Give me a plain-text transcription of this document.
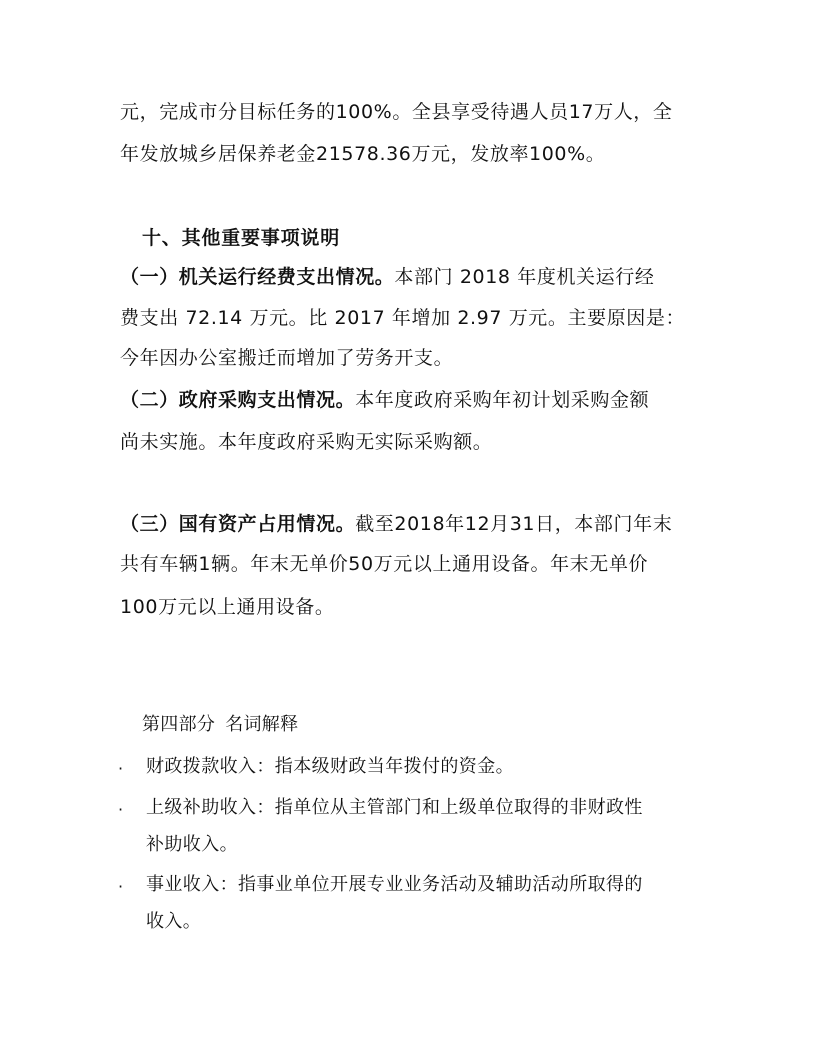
元，完成市分目标任务的100%。全县享受待遇人员17万人，全
年发放城乡居保养老金21578.36万元，发放率100%。
十、其他重要事项说明
（一）机关运行经费支出情况。本部门 2018 年度机关运行经
费支出 72.14 万元。比 2017 年增加 2.97 万元。主要原因是：
今年因办公室搬迁而增加了劳务开支。
（二）政府采购支出情况。本年度政府采购年初计划采购金额
尚未实施。本年度政府采购无实际采购额。
（三）国有资产占用情况。截至2018年12月31日，本部门年末
共有车辆1辆。年末无单价50万元以上通用设备。年末无单价
100万元以上通用设备。
第四部分 名词解释
· 财政拨款收入：指本级财政当年拨付的资金。
· 上级补助收入：指单位从主管部门和上级单位取得的非财政性
补助收入。
· 事业收入：指事业单位开展专业业务活动及辅助活动所取得的
收入。
